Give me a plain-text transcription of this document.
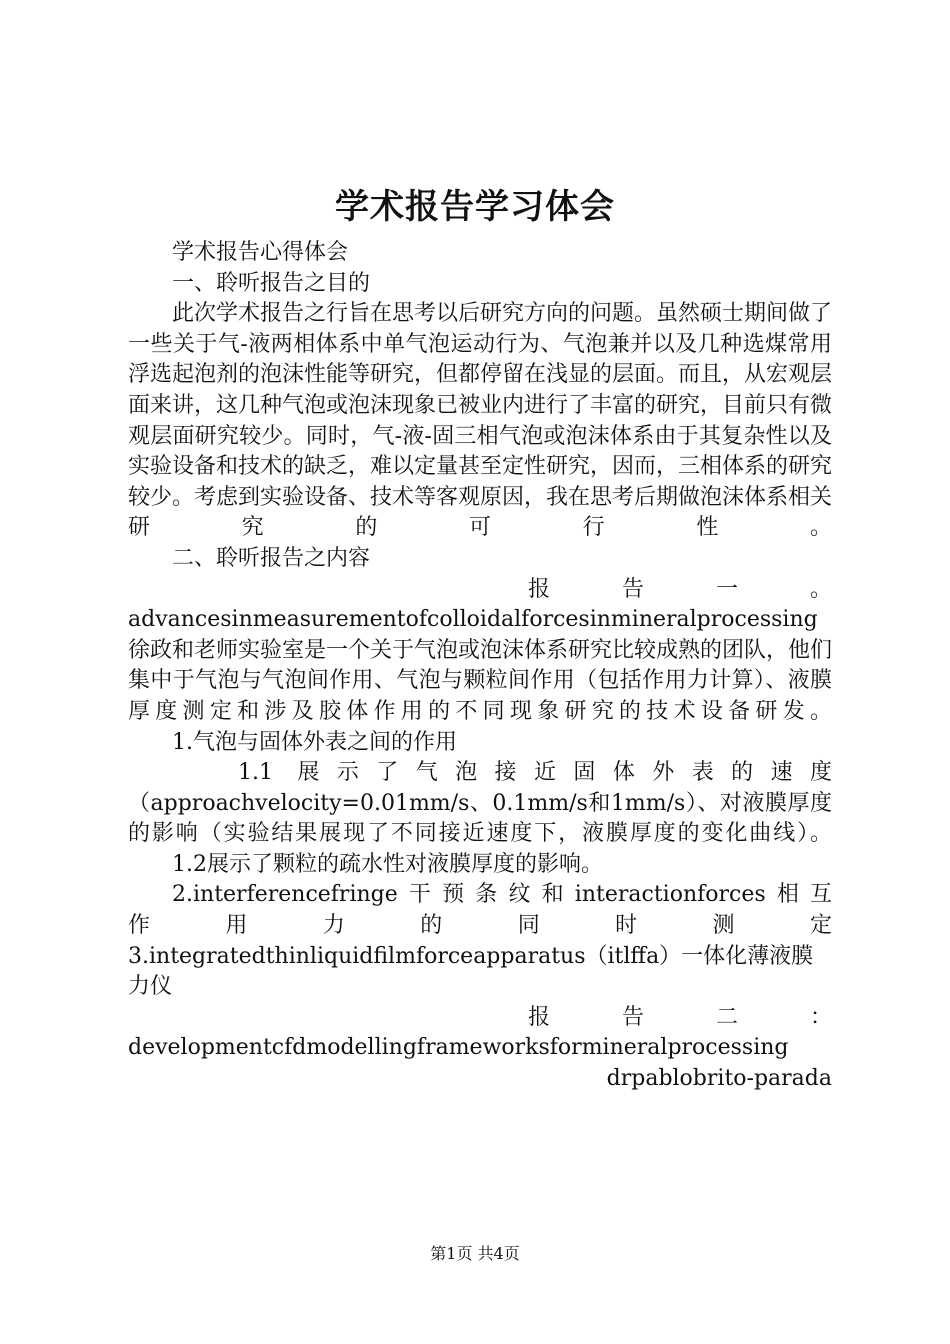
学术报告学习体会

学术报告心得体会

一、聆听报告之目的

此次学术报告之行旨在思考以后研究方向的问题。虽然硕士期间做了一些关于气-液两相体系中单气泡运动行为、气泡兼并以及几种选煤常用浮选起泡剂的泡沫性能等研究，但都停留在浅显的层面。而且，从宏观层面来讲，这几种气泡或泡沫现象已被业内进行了丰富的研究，目前只有微观层面研究较少。同时，气-液-固三相气泡或泡沫体系由于其复杂性以及实验设备和技术的缺乏，难以定量甚至定性研究，因而，三相体系的研究较少。考虑到实验设备、技术等客观原因，我在思考后期做泡沫体系相关研究的可行性。

二、聆听报告之内容

报	告	一	。

advancesinmeasurementofcolloidalforcesinmineralprocessing徐政和老师实验室是一个关于气泡或泡沫体系研究比较成熟的团队，他们集中于气泡与气泡间作用、气泡与颗粒间作用（包括作用力计算）、液膜厚度测定和涉及胶体作用的不同现象研究的技术设备研发。

1.气泡与固体外表之间的作用

1.1 展示了气泡接近固体外表的速度

（approachvelocity=0.01mm/s、0.1mm/s和1mm/s）、对液膜厚度的影响（实验结果展现了不同接近速度下，液膜厚度的变化曲线）。

1.2展示了颗粒的疏水性对液膜厚度的影响。

2.interferencefringe干预条纹和interactionforces相互

作	用	力	的	同	时	测	定

3.integratedthinliquidfilmforceapparatus（itlffa）一体化薄液膜力仪

报	告	二	：

developmentcfdmodellingframeworksformineralprocessing

drpablobrito-parada

第1页 共4页
